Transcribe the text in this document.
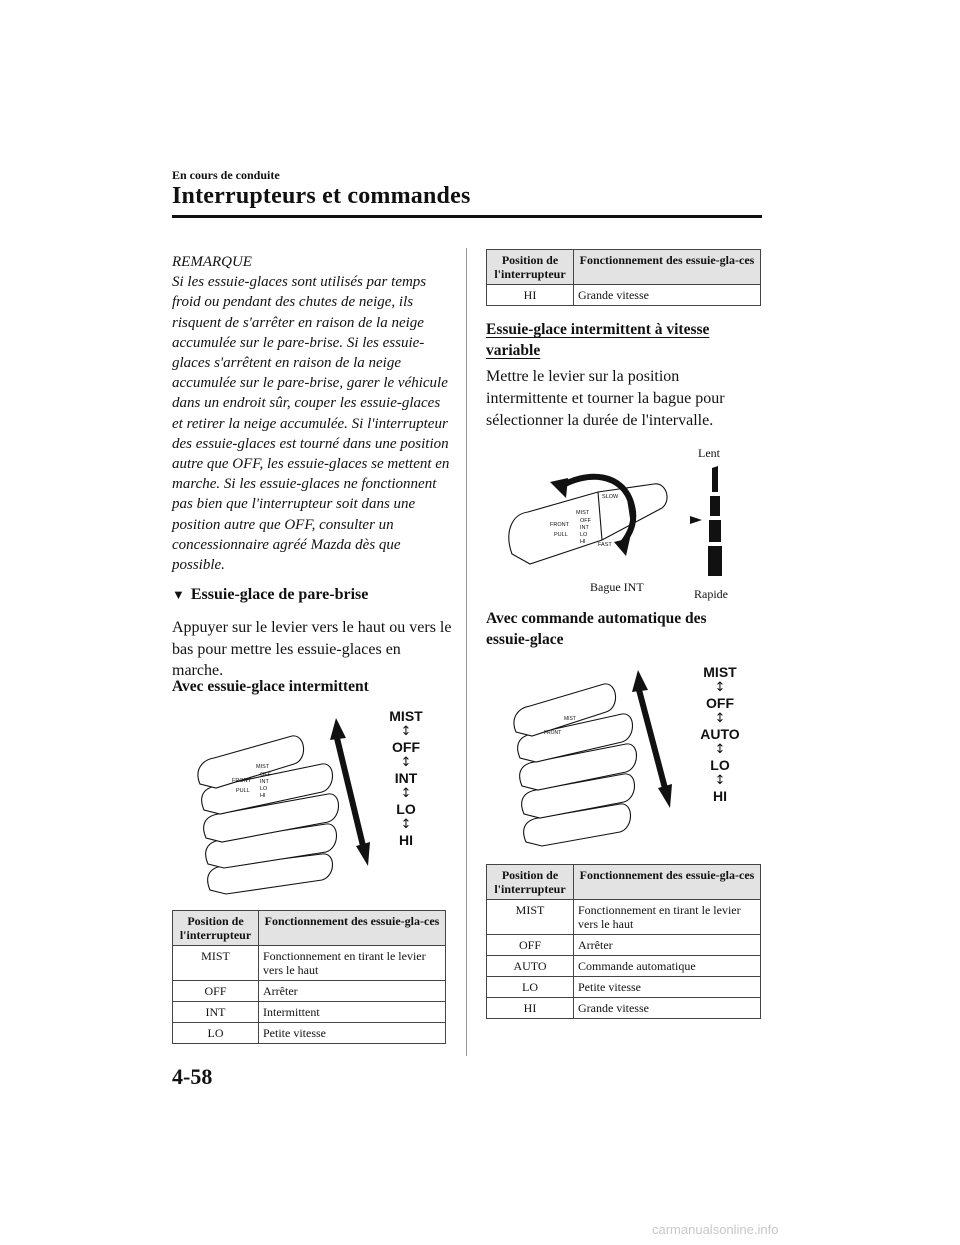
En cours de conduite
Interrupteurs et commandes
REMARQUE
Si les essuie-glaces sont utilisés par temps froid ou pendant des chutes de neige, ils risquent de s'arrêter en raison de la neige accumulée sur le pare-brise. Si les essuie-glaces s'arrêtent en raison de la neige accumulée sur le pare-brise, garer le véhicule dans un endroit sûr, couper les essuie-glaces et retirer la neige accumulée. Si l'interrupteur des essuie-glaces est tourné dans une position autre que OFF, les essuie-glaces se mettent en marche. Si les essuie-glaces ne fonctionnent pas bien que l'interrupteur soit dans une position autre que OFF, consulter un concessionnaire agréé Mazda dès que possible.
▼ Essuie-glace de pare-brise
Appuyer sur le levier vers le haut ou vers le bas pour mettre les essuie-glaces en marche.
Avec essuie-glace intermittent
FRONT
PULL
MIST
OFF
INT
LO
HI
MIST
↕
OFF
↕
INT
↕
LO
↕
HI
Position de l'interrupteur	Fonctionnement des essuie-gla-ces
MIST	Fonctionnement en tirant le levier vers le haut
OFF	Arrêter
INT	Intermittent
LO	Petite vitesse
Position de l'interrupteur	Fonctionnement des essuie-gla-ces
HI	Grande vitesse
Essuie-glace intermittent à vitesse variable
Mettre le levier sur la position intermittente et tourner la bague pour sélectionner la durée de l'intervalle.
FRONT
PULL
MIST
OFF
INT
LO
HI
SLOW
FAST
Lent
Rapide
Bague INT
Avec commande automatique des essuie-glace
FRONT
MIST
MIST
↕
OFF
↕
AUTO
↕
LO
↕
HI
Position de l'interrupteur	Fonctionnement des essuie-gla-ces
MIST	Fonctionnement en tirant le levier vers le haut
OFF	Arrêter
AUTO	Commande automatique
LO	Petite vitesse
HI	Grande vitesse
4-58
carmanualsonline.info
